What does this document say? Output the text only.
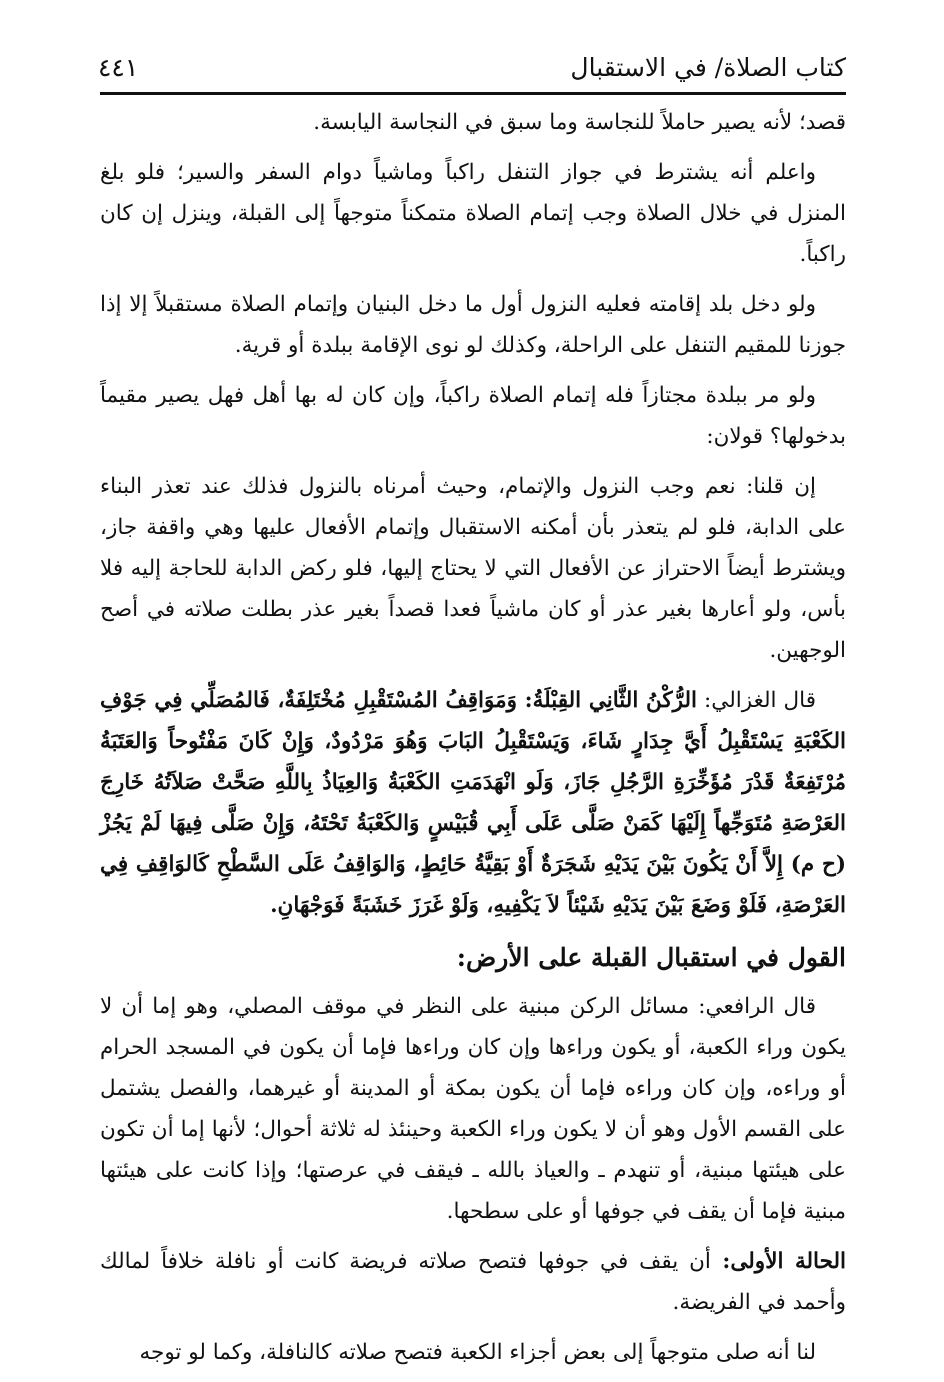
كتاب الصلاة/ في الاستقبال
٤٤١

قصد؛ لأنه يصير حاملاً للنجاسة وما سبق في النجاسة اليابسة.

واعلم أنه يشترط في جواز التنفل راكباً وماشياً دوام السفر والسير؛ فلو بلغ المنزل في خلال الصلاة وجب إتمام الصلاة متمكناً متوجهاً إلى القبلة، وينزل إن كان راكباً.

ولو دخل بلد إقامته فعليه النزول أول ما دخل البنيان وإتمام الصلاة مستقبلاً إلا إذا جوزنا للمقيم التنفل على الراحلة، وكذلك لو نوى الإقامة ببلدة أو قرية.

ولو مر ببلدة مجتازاً فله إتمام الصلاة راكباً، وإن كان له بها أهل فهل يصير مقيماً بدخولها؟ قولان:

إن قلنا: نعم وجب النزول والإتمام، وحيث أمرناه بالنزول فذلك عند تعذر البناء على الدابة، فلو لم يتعذر بأن أمكنه الاستقبال وإتمام الأفعال عليها وهي واقفة جاز، ويشترط أيضاً الاحتراز عن الأفعال التي لا يحتاج إليها، فلو ركض الدابة للحاجة إليه فلا بأس، ولو أعارها بغير عذر أو كان ماشياً فعدا قصداً بغير عذر بطلت صلاته في أصح الوجهين.

قال الغزالي: الرُّكْنُ الثَّانِي القِبْلَةُ: وَمَوَاقِفُ المُسْتَقْبِلِ مُخْتَلِفَةٌ، فَالمُصَلِّي فِي جَوْفِ الكَعْبَةِ يَسْتَقْبِلُ أَيَّ جِدَارٍ شَاءَ، وَيَسْتَقْبِلُ البَابَ وَهُوَ مَرْدُودٌ، وَإِنْ كَانَ مَفْتُوحاً وَالعَتَبَةُ مُرْتَفِعَةٌ قَدْرَ مُؤَخِّرَةِ الرَّجُلِ جَازَ، وَلَو انْهَدَمَتِ الكَعْبَةُ وَالعِيَاذُ بِاللَّهِ صَحَّتْ صَلاَتُهُ خَارِجَ العَرْصَةِ مُتَوَجِّهاً إِلَيْهَا كَمَنْ صَلَّى عَلَى أَبِي قُبَيْسٍ وَالكَعْبَةُ تَحْتَهُ، وَإِنْ صَلَّى فِيهَا لَمْ يَجُزْ (ح م) إِلاَّ أَنْ يَكُونَ بَيْنَ يَدَيْهِ شَجَرَةٌ أَوْ بَقِيَّةُ حَائِطٍ، وَالوَاقِفُ عَلَى السَّطْحِ كَالوَاقِفِ فِي العَرْصَةِ، فَلَوْ وَضَعَ بَيْنَ يَدَيْهِ شَيْئاً لاَ يَكْفِيهِ، وَلَوْ غَرَزَ خَشَبَةً فَوَجْهَانِ.

القول في استقبال القبلة على الأرض:

قال الرافعي: مسائل الركن مبنية على النظر في موقف المصلي، وهو إما أن لا يكون وراء الكعبة، أو يكون وراءها وإن كان وراءها فإما أن يكون في المسجد الحرام أو وراءه، وإن كان وراءه فإما أن يكون بمكة أو المدينة أو غيرهما، والفصل يشتمل على القسم الأول وهو أن لا يكون وراء الكعبة وحينئذ له ثلاثة أحوال؛ لأنها إما أن تكون على هيئتها مبنية، أو تنهدم ـ والعياذ بالله ـ فيقف في عرصتها؛ وإذا كانت على هيئتها مبنية فإما أن يقف في جوفها أو على سطحها.

الحالة الأولى: أن يقف في جوفها فتصح صلاته فريضة كانت أو نافلة خلافاً لمالك وأحمد في الفريضة.

لنا أنه صلى متوجهاً إلى بعض أجزاء الكعبة فتصح صلاته كالنافلة، وكما لو توجه
